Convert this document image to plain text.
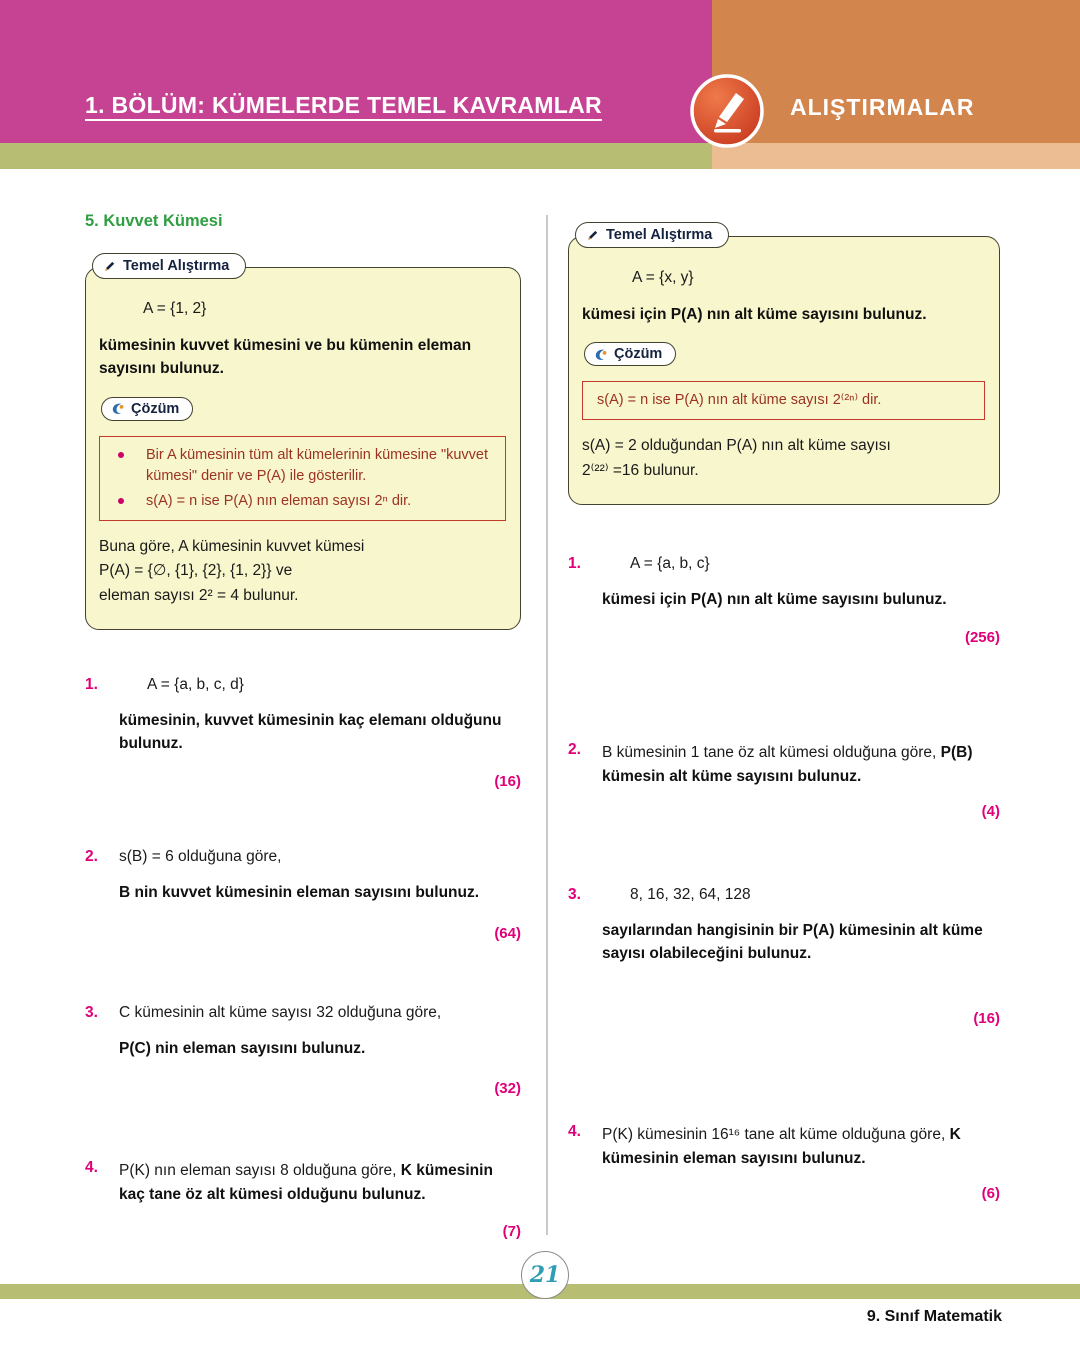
1. BÖLÜM: KÜMELERDE TEMEL KAVRAMLAR	ALIŞTIRMALAR
5. Kuvvet Kümesi
Temel Alıştırma
A = {1, 2}

kümesinin kuvvet kümesini ve bu kümenin eleman sayısını bulunuz.

Çözüm
Bir A kümesinin tüm alt kümelerinin kümesine "kuvvet kümesi" denir ve P(A) ile gösterilir.
s(A) = n ise P(A) nın eleman sayısı 2ⁿ dir.

Buna göre, A kümesinin kuvvet kümesi

P(A) = {∅, {1}, {2}, {1, 2}} ve

eleman sayısı 2² = 4 bulunur.

1.	A = {a, b, c, d}

kümesinin, kuvvet kümesinin kaç elemanı olduğunu bulunuz.

(16)
2.	s(B) = 6 olduğuna göre,

B nin kuvvet kümesinin eleman sayısını bulunuz.

(64)
3.	C kümesinin alt küme sayısı 32 olduğuna göre,

P(C) nin eleman sayısını bulunuz.

(32)
4.	P(K) nın eleman sayısı 8 olduğuna göre, K kümesinin kaç tane öz alt kümesi olduğunu bulunuz.

(7)
Temel Alıştırma
A = {x, y}

kümesi için P(A) nın alt küme sayısını bulunuz.

Çözüm
s(A) = n ise P(A) nın alt küme sayısı 2⁽²ⁿ⁾ dir.

s(A) = 2 olduğundan P(A) nın alt küme sayısı

2⁽²²⁾ =16 bulunur.

1.	A = {a, b, c}

kümesi için P(A) nın alt küme sayısını bulunuz.

(256)
2.	B kümesinin 1 tane öz alt kümesi olduğuna göre, P(B) kümesin alt küme sayısını bulunuz.

(4)
3.	8, 16, 32, 64, 128

sayılarından hangisinin bir P(A) kümesinin alt küme sayısı olabileceğini bulunuz.

(16)
4.	P(K) kümesinin 16¹⁶ tane alt küme olduğuna göre, K kümesinin eleman sayısını bulunuz.

(6)
21
9. Sınıf Matematik
